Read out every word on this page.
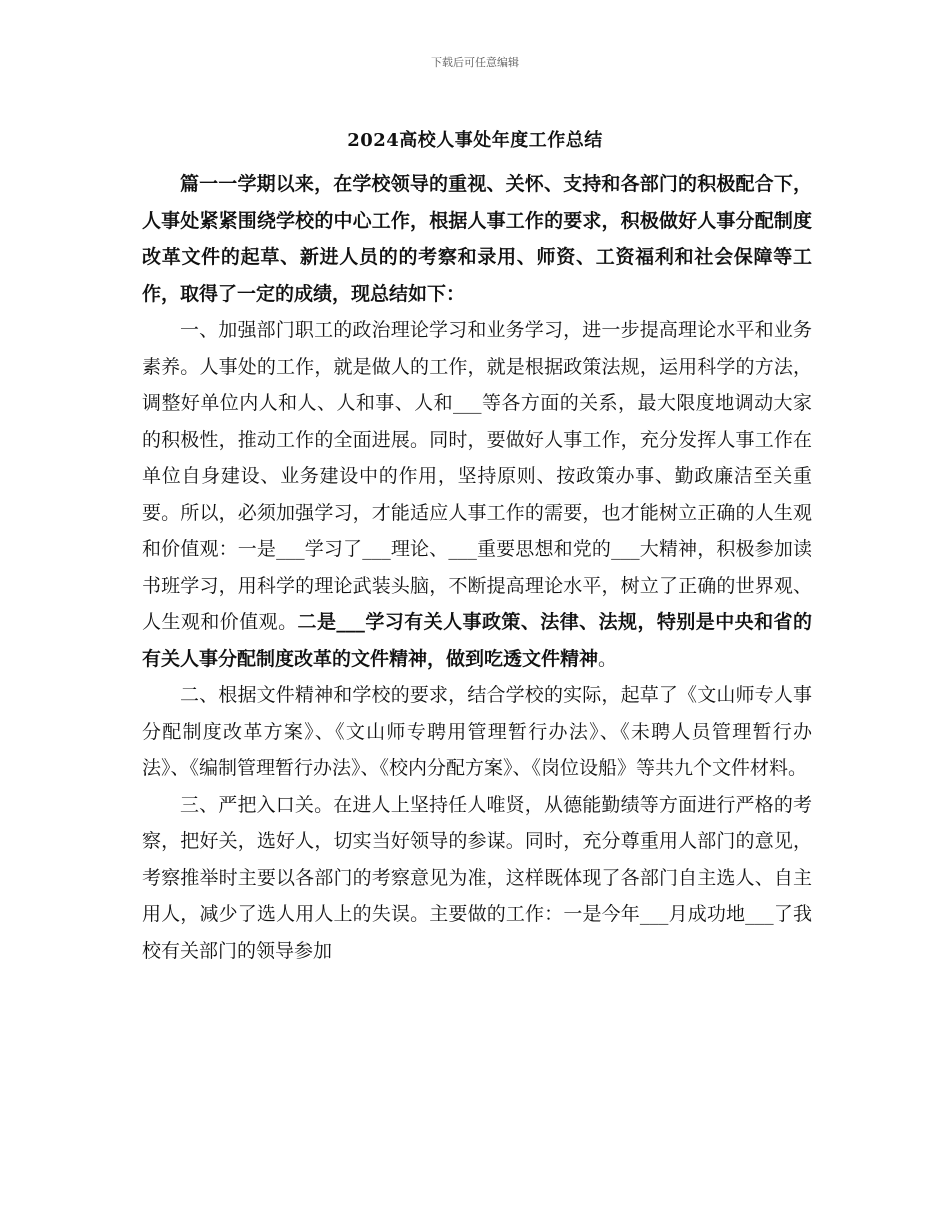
下载后可任意编辑
2024高校人事处年度工作总结

篇一一学期以来，在学校领导的重视、关怀、支持和各部门的积极配合下，人事处紧紧围绕学校的中心工作，根据人事工作的要求，积极做好人事分配制度改革文件的起草、新进人员的的考察和录用、师资、工资福利和社会保障等工作，取得了一定的成绩，现总结如下：

一、加强部门职工的政治理论学习和业务学习，进一步提高理论水平和业务素养。人事处的工作，就是做人的工作，就是根据政策法规，运用科学的方法，调整好单位内人和人、人和事、人和___等各方面的关系，最大限度地调动大家的积极性，推动工作的全面进展。同时，要做好人事工作，充分发挥人事工作在单位自身建设、业务建设中的作用，坚持原则、按政策办事、勤政廉洁至关重要。所以，必须加强学习，才能适应人事工作的需要，也才能树立正确的人生观和价值观：一是___学习了___理论、___重要思想和党的___大精神，积极参加读书班学习，用科学的理论武装头脑，不断提高理论水平，树立了正确的世界观、人生观和价值观。二是___学习有关人事政策、法律、法规，特别是中央和省的有关人事分配制度改革的文件精神，做到吃透文件精神。

二、根据文件精神和学校的要求，结合学校的实际，起草了《文山师专人事分配制度改革方案》、《文山师专聘用管理暂行办法》、《未聘人员管理暂行办法》、《编制管理暂行办法》、《校内分配方案》、《岗位设船》等共九个文件材料。

三、严把入口关。在进人上坚持任人唯贤，从德能勤绩等方面进行严格的考察，把好关，选好人，切实当好领导的参谋。同时，充分尊重用人部门的意见，考察推举时主要以各部门的考察意见为准，这样既体现了各部门自主选人、自主用人，减少了选人用人上的失误。主要做的工作：一是今年___月成功地___了我校有关部门的领导参加
